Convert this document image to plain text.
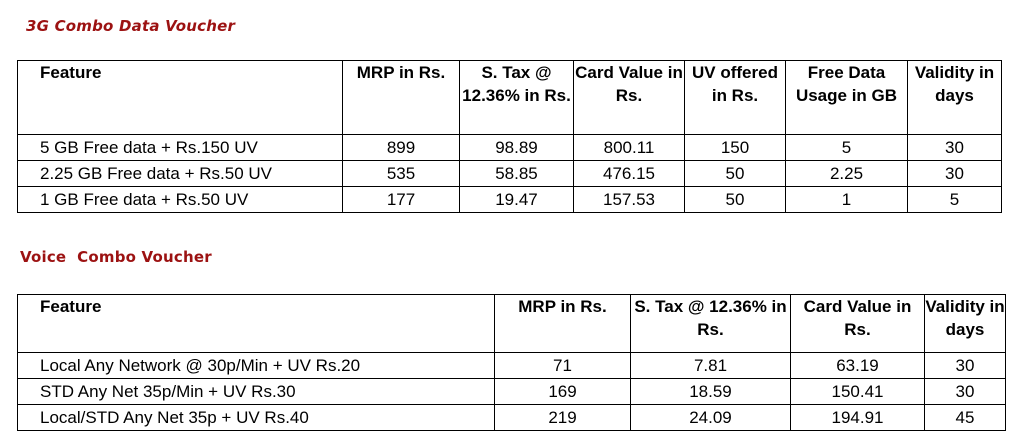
3G Combo Data Voucher

Feature	MRP in Rs.	S. Tax @ 12.36% in Rs.	Card Value in Rs.	UV offered in Rs.	Free Data Usage in GB	Validity in days
5 GB Free data + Rs.150 UV	899	98.89	800.11	150	5	30
2.25 GB Free data + Rs.50 UV	535	58.85	476.15	50	2.25	30
1 GB Free data + Rs.50 UV	177	19.47	157.53	50	1	5

Voice  Combo Voucher

Feature	MRP in Rs.	S. Tax @ 12.36% in Rs.	Card Value in Rs.	Validity in days
Local Any Network @ 30p/Min + UV Rs.20	71	7.81	63.19	30
STD Any Net 35p/Min + UV Rs.30	169	18.59	150.41	30
Local/STD Any Net 35p + UV Rs.40	219	24.09	194.91	45
